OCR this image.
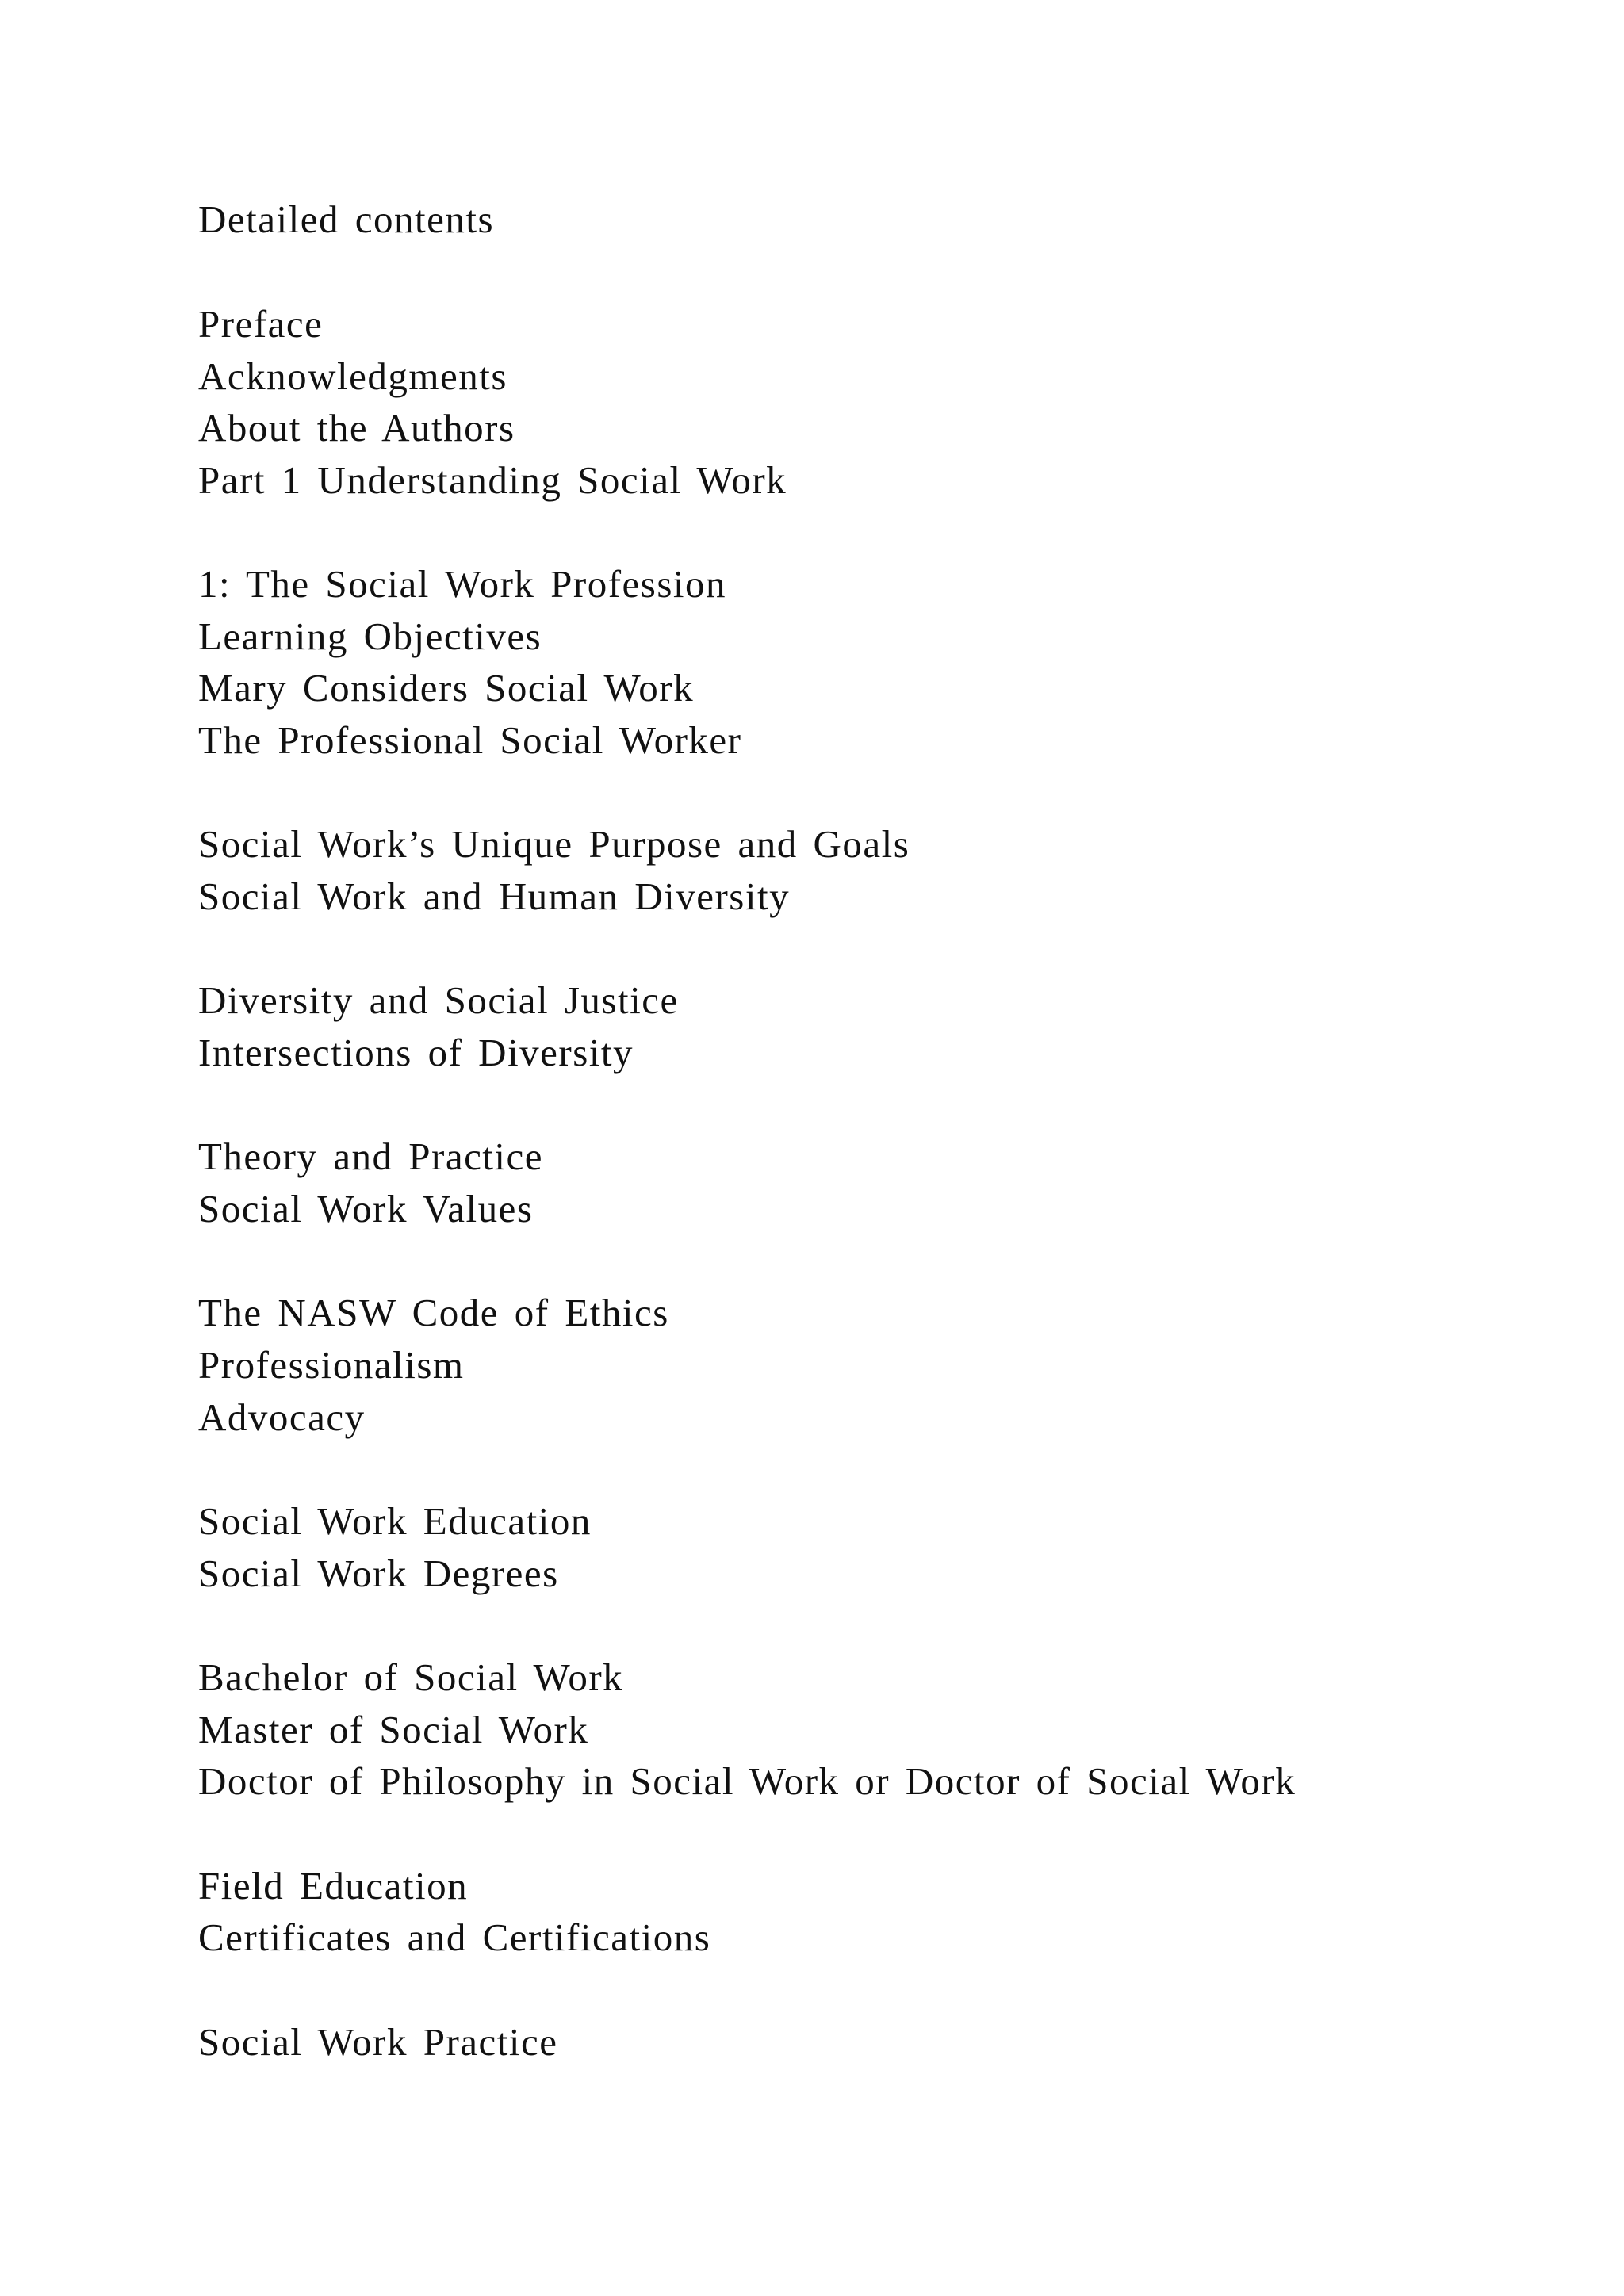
Detailed contents

Preface

Acknowledgments

About the Authors

Part 1 Understanding Social Work

1: The Social Work Profession

Learning Objectives

Mary Considers Social Work

The Professional Social Worker

Social Work’s Unique Purpose and Goals

Social Work and Human Diversity

Diversity and Social Justice

Intersections of Diversity

Theory and Practice

Social Work Values

The NASW Code of Ethics

Professionalism

Advocacy

Social Work Education

Social Work Degrees

Bachelor of Social Work

Master of Social Work

Doctor of Philosophy in Social Work or Doctor of Social Work

Field Education

Certificates and Certifications

Social Work Practice
